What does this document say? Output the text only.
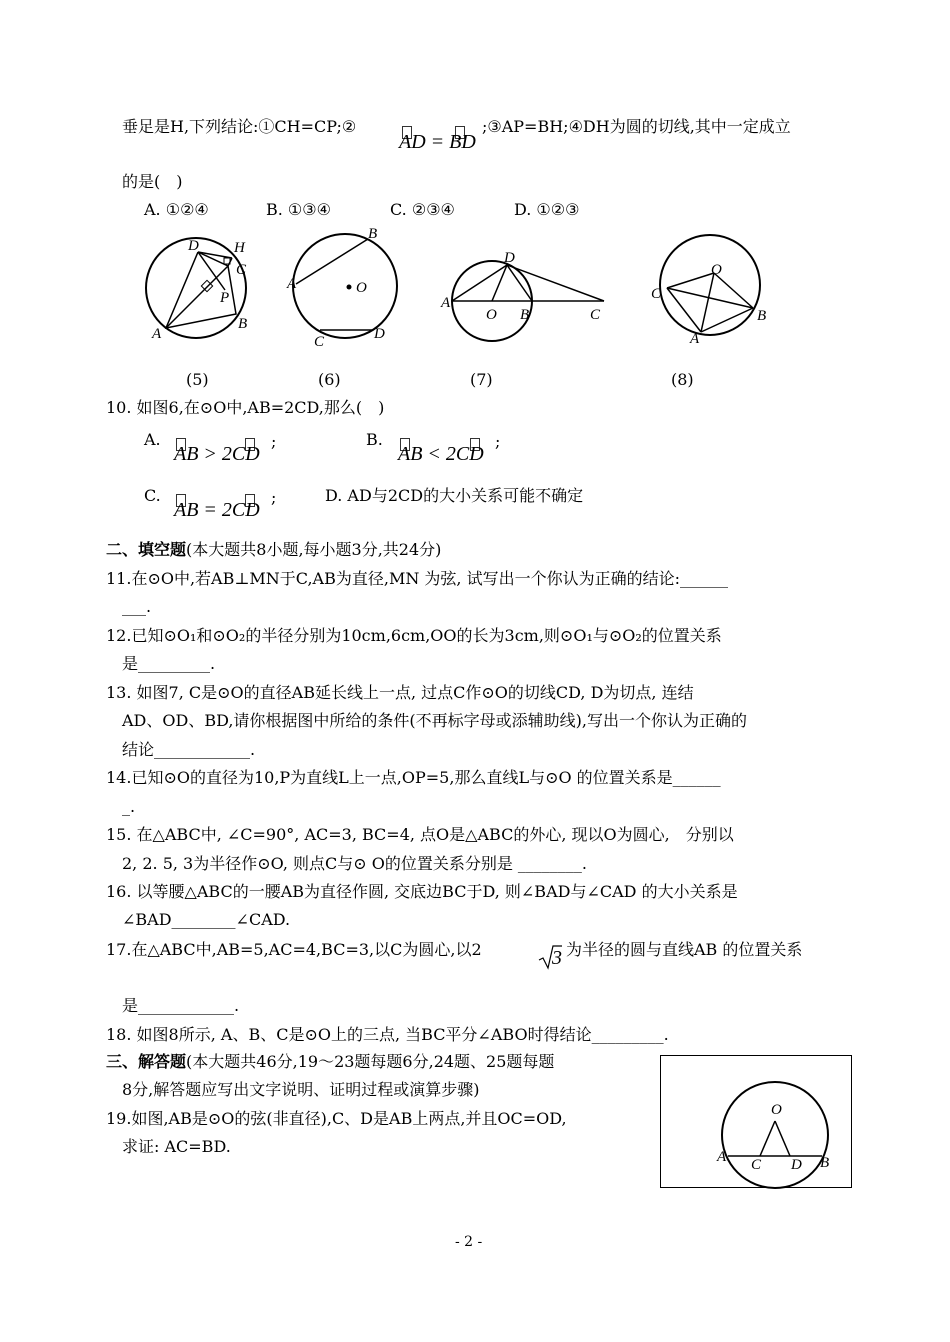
垂足是H,下列结论:①CH=CP;②
AD = BD
;③AP=BH;④DH为圆的切线,其中一定成立
的是(　)
A. ①②④	B. ①③④	C. ②③④	D. ①②③
D H
C
P
A
B
B
A	O
C	D
D
A
O B	C
O
C
B
A
(5)	(6)	(7)	(8)
10. 如图6,在⊙O中,AB=2CD,那么(　)
A.
AB > 2CD
;	B.
AB < 2CD
;
C.
AB = 2CD
;	D. AD与2CD的大小关系可能不确定
二、填空题(本大题共8小题,每小题3分,共24分)
11.在⊙O中,若AB⊥MN于C,AB为直径,MN 为弦, 试写出一个你认为正确的结论:______
___.
12.已知⊙O₁和⊙O₂的半径分别为10cm,6cm,OO的长为3cm,则⊙O₁与⊙O₂的位置关系
是_________.
13. 如图7, C是⊙O的直径AB延长线上一点, 过点C作⊙O的切线CD, D为切点, 连结
AD、OD、BD,请你根据图中所给的条件(不再标字母或添辅助线),写出一个你认为正确的
结论____________.
14.已知⊙O的直径为10,P为直线L上一点,OP=5,那么直线L与⊙O 的位置关系是______
_.
15. 在△ABC中, ∠C=90°, AC=3, BC=4, 点O是△ABC的外心, 现以O为圆心,　分别以
2, 2. 5, 3为半径作⊙O, 则点C与⊙ O的位置关系分别是 ________.
16. 以等腰△ABC的一腰AB为直径作圆, 交底边BC于D, 则∠BAD与∠CAD 的大小关系是
∠BAD________∠CAD.
17.在△ABC中,AB=5,AC=4,BC=3,以C为圆心,以2	3 为半径的圆与直线AB 的位置关系
是____________.
18. 如图8所示, A、B、C是⊙O上的三点, 当BC平分∠ABO时得结论_________.
三、解答题(本大题共46分,19～23题每题6分,24题、25题每题
8分,解答题应写出文字说明、证明过程或演算步骤)
19.如图,AB是⊙O的弦(非直径),C、D是AB上两点,并且OC=OD,
求证: AC=BD.
O
A C D B
- 2 -
